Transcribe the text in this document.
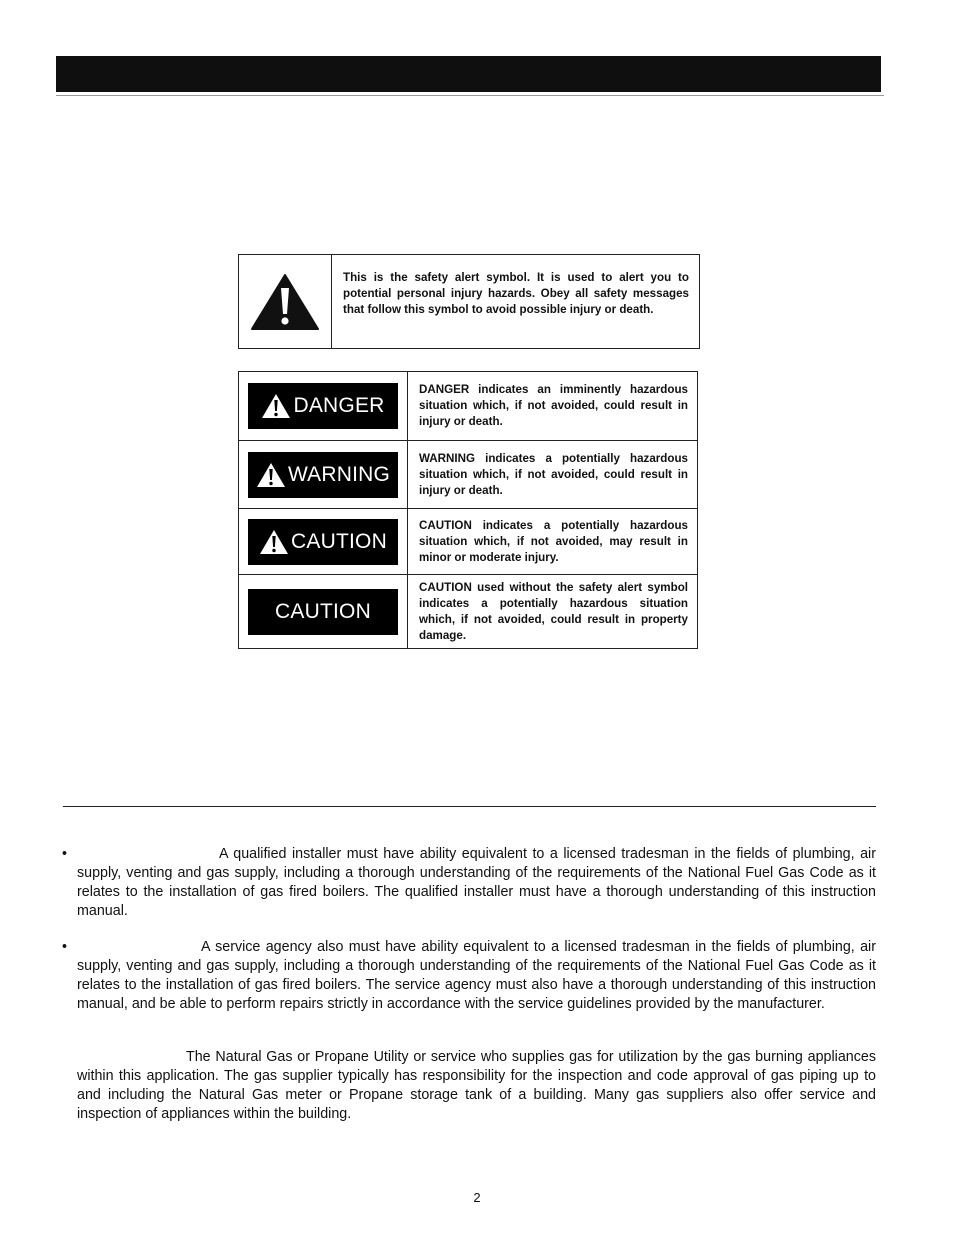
This is the safety alert symbol. It is used to alert you to potential personal injury hazards. Obey all safety messages that follow this symbol to avoid possible injury or death.
DANGER	DANGER indicates an imminently hazardous situation which, if not avoided, could result in injury or death.

WARNING	WARNING indicates a potentially hazardous situation which, if not avoided, could result in injury or death.

CAUTION	CAUTION indicates a potentially hazardous situation which, if not avoided, may result in minor or moderate injury.

CAUTION	CAUTION used without the safety alert symbol indicates a potentially hazardous situation which, if not avoided, could result in property damage.
•	A qualified installer must have ability equivalent to a licensed tradesman in the fields of plumbing, air supply, venting and gas supply, including a thorough understanding of the requirements of the National Fuel Gas Code as it relates to the installation of gas fired boilers. The qualified installer must have a thorough understanding of this instruction manual.
•	A service agency also must have ability equivalent to a licensed tradesman in the fields of plumbing, air supply, venting and gas supply, including a thorough understanding of the requirements of the National Fuel Gas Code as it relates to the installation of gas fired boilers. The service agency must also have a thorough understanding of this instruction manual, and be able to perform repairs strictly in accordance with the service guidelines provided by the manufacturer.
The Natural Gas or Propane Utility or service who supplies gas for utilization by the gas burning appliances within this application. The gas supplier typically has responsibility for the inspection and code approval of gas piping up to and including the Natural Gas meter or Propane storage tank of a building. Many gas suppliers also offer service and inspection of appliances within the building.
2
